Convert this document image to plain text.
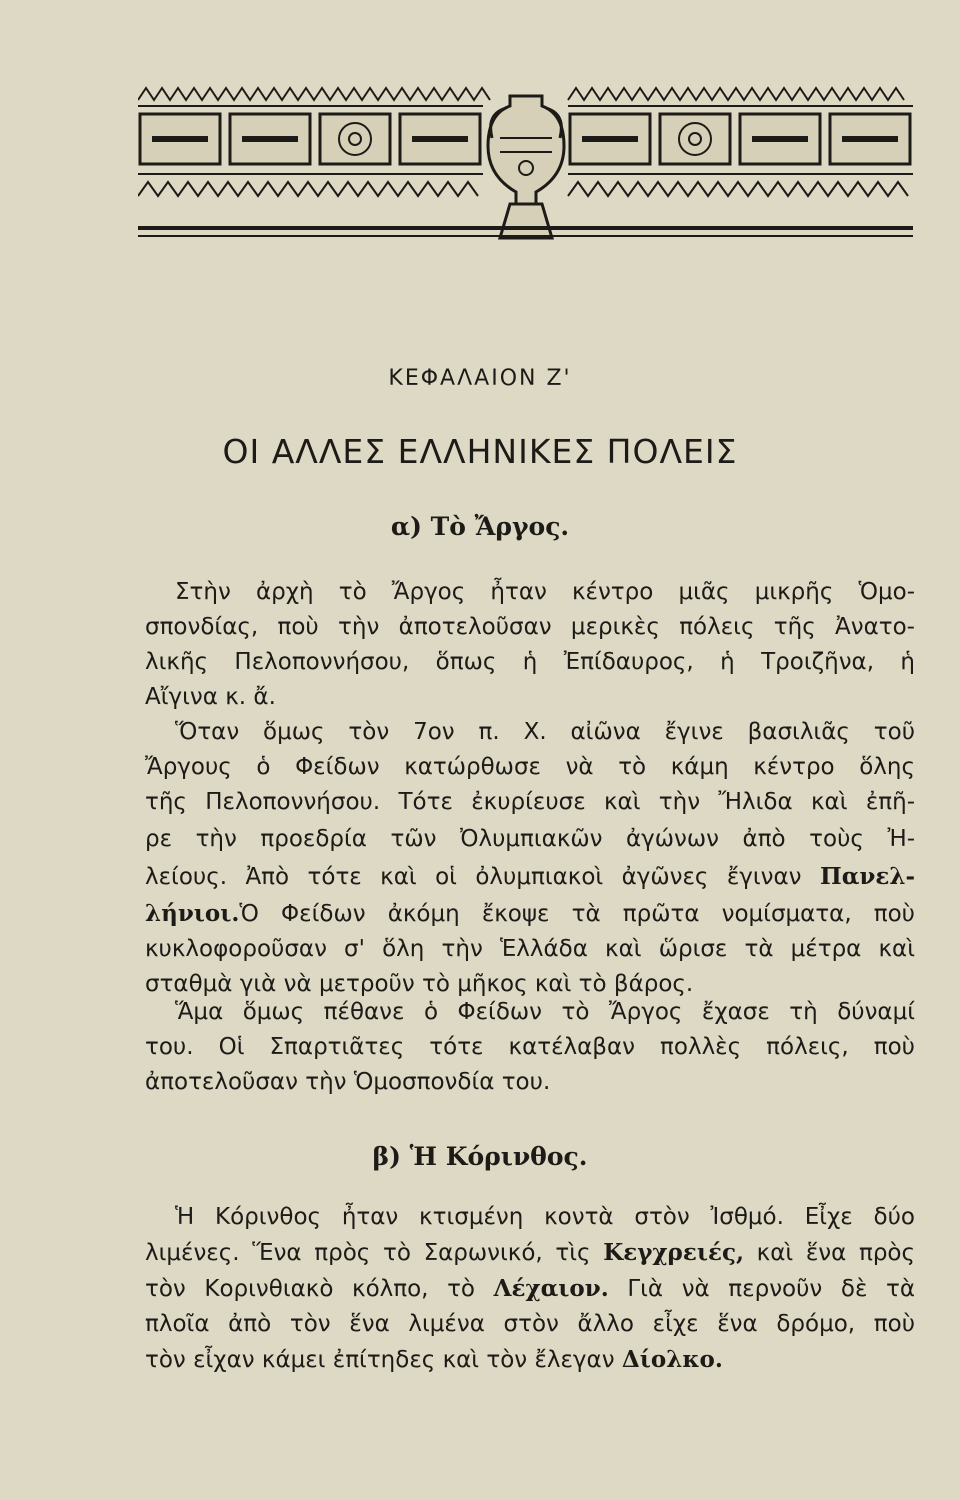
ΚΕΦΑΛΑΙΟΝ Ζ'
ΟΙ ΑΛΛΕΣ ΕΛΛΗΝΙΚΕΣ ΠΟΛΕΙΣ
α) Τὸ Ἄργος.
Στὴν ἀρχὴ τὸ Ἄργος ἦταν κέντρο μιᾶς μικρῆς Ὁμο-
σπονδίας, ποὺ τὴν ἀποτελοῦσαν μερικὲς πόλεις τῆς Ἀνατο-
λικῆς Πελοποννήσου, ὅπως ἡ Ἐπίδαυρος, ἡ Τροιζῆνα, ἡ
Αἴγινα κ. ἄ.
Ὅταν ὅμως τὸν 7ον π. Χ. αἰῶνα ἔγινε βασιλιᾶς τοῦ
Ἄργους ὁ Φείδων κατώρθωσε νὰ τὸ κάμη κέντρο ὅλης
τῆς Πελοποννήσου. Τότε ἐκυρίευσε καὶ τὴν Ἤλιδα καὶ ἐπῆ-
ρε τὴν προεδρία τῶν Ὀλυμπιακῶν ἀγώνων ἀπὸ τοὺς Ἠ-
λείους. Ἀπὸ τότε καὶ οἱ ὀλυμπιακοὶ ἀγῶνες ἔγιναν Πανελ-
λήνιοι.Ὁ Φείδων ἀκόμη ἔκοψε τὰ πρῶτα νομίσματα, ποὺ
κυκλοφοροῦσαν σ' ὅλη τὴν Ἑλλάδα καὶ ὥρισε τὰ μέτρα καὶ
σταθμὰ γιὰ νὰ μετροῦν τὸ μῆκος καὶ τὸ βάρος.
Ἅμα ὅμως πέθανε ὁ Φείδων τὸ Ἄργος ἔχασε τὴ δύναμί
του. Οἱ Σπαρτιᾶτες τότε κατέλαβαν πολλὲς πόλεις, ποὺ
ἀποτελοῦσαν τὴν Ὁμοσπονδία του.
β) Ἡ Κόρινθος.
Ἡ Κόρινθος ἦταν κτισμένη κοντὰ στὸν Ἰσθμό. Εἶχε δύο
λιμένες. Ἕνα πρὸς τὸ Σαρωνικό, τὶς Κεγχρειές, καὶ ἕνα πρὸς
τὸν Κορινθιακὸ κόλπο, τὸ Λέχαιον. Γιὰ νὰ περνοῦν δὲ τὰ
πλοῖα ἀπὸ τὸν ἕνα λιμένα στὸν ἄλλο εἶχε ἕνα δρόμο, ποὺ
τὸν εἶχαν κάμει ἐπίτηδες καὶ τὸν ἔλεγαν Δίολκο.
